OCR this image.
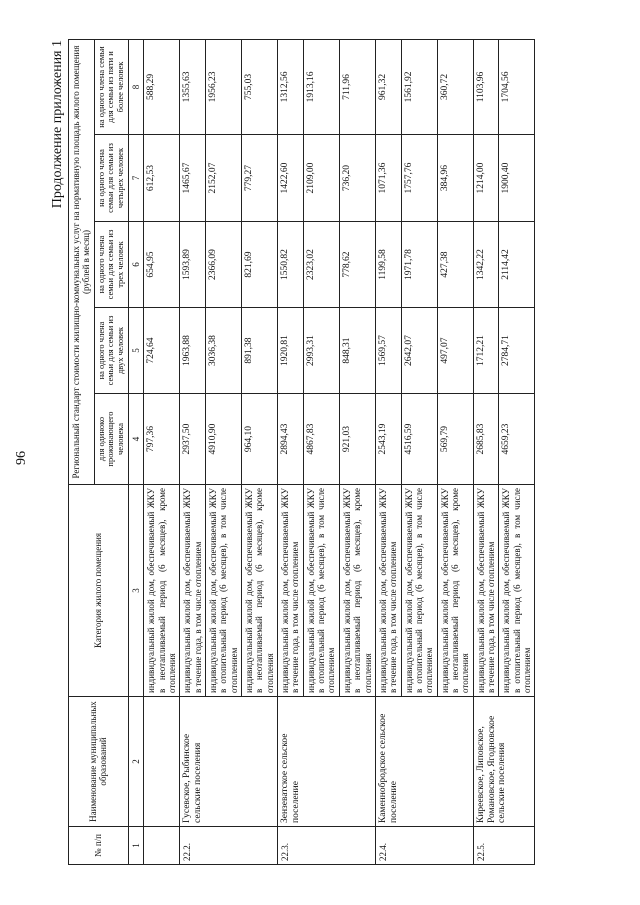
96
Продолжение приложения 1
№ п/п	Наименование муниципальных образований	Категория жилого помещения	Региональный стандарт стоимости жилищно-коммунальных услуг на нормативную площадь жилого помещения (рублей в месяц)				
			для одиноко проживающего человека	на одного члена семьи для семьи из двух человек	на одного члена семьи для семьи из трех человек	на одного члена семьи для семьи из четырех человек	на одного члена семьи для семьи из пяти и более человек
1	2	3	4	5	6	7	8
		индивидуальный жилой дом, обеспечиваемый ЖКУ в неотапливаемый период (6 месяцев), кроме отопления	797,36	724,64	654,95	612,53	588,29
22.2.	Гусевское, Рыбинское сельские поселения	индивидуальный жилой дом, обеспечиваемый ЖКУ в течение года, в том числе отоплением	2937,50	1963,88	1593,89	1465,67	1355,63
		индивидуальный жилой дом, обеспечиваемый ЖКУ в отопительный период (6 месяцев), в том числе отоплением	4910,90	3036,38	2366,09	2152,07	1956,23
		индивидуальный жилой дом, обеспечиваемый ЖКУ в неотапливаемый период (6 месяцев), кроме отопления	964,10	891,38	821,69	779,27	755,03
22.3.	Зензеватское сельское поселение	индивидуальный жилой дом, обеспечиваемый ЖКУ в течение года, в том числе отоплением	2894,43	1920,81	1550,82	1422,60	1312,56
		индивидуальный жилой дом, обеспечиваемый ЖКУ в отопительный период (6 месяцев), в том числе отоплением	4867,83	2993,31	2323,02	2109,00	1913,16
		индивидуальный жилой дом, обеспечиваемый ЖКУ в неотапливаемый период (6 месяцев), кроме отопления	921,03	848,31	778,62	736,20	711,96
22.4.	Каменнобродское сельское поселение	индивидуальный жилой дом, обеспечиваемый ЖКУ в течение года, в том числе отоплением	2543,19	1569,57	1199,58	1071,36	961,32
		индивидуальный жилой дом, обеспечиваемый ЖКУ в отопительный период (6 месяцев), в том числе отоплением	4516,59	2642,07	1971,78	1757,76	1561,92
		индивидуальный жилой дом, обеспечиваемый ЖКУ в неотапливаемый период (6 месяцев), кроме отопления	569,79	497,07	427,38	384,96	360,72
22.5.	Киреевское, Липовское, Романовское, Ягодновское сельские поселения	индивидуальный жилой дом, обеспечиваемый ЖКУ в течение года, в том числе отоплением	2685,83	1712,21	1342,22	1214,00	1103,96
		индивидуальный жилой дом, обеспечиваемый ЖКУ в отопительный период (6 месяцев), в том числе отоплением	4659,23	2784,71	2114,42	1900,40	1704,56
